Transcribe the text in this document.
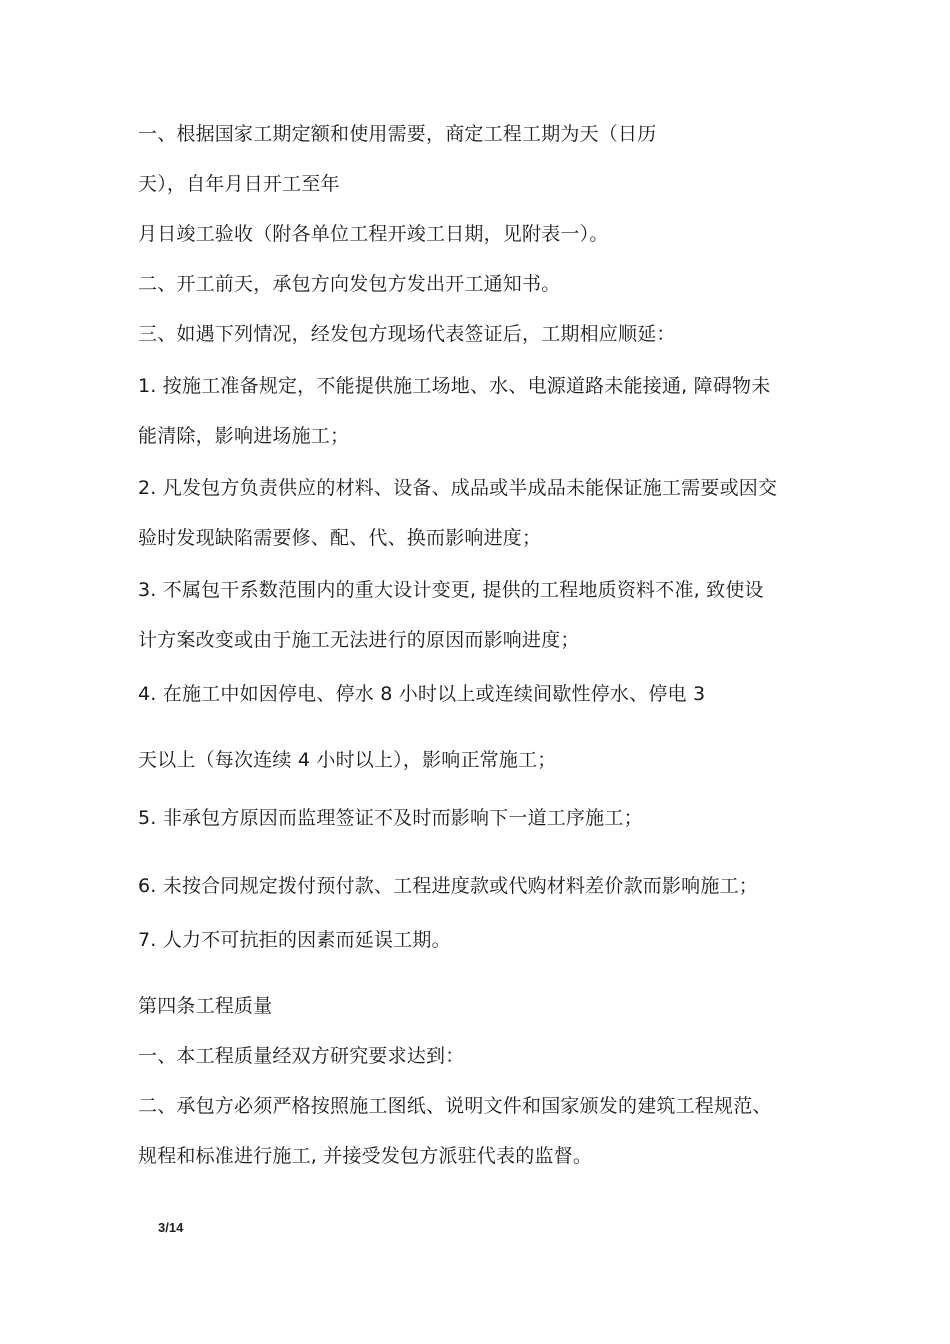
一、根据国家工期定额和使用需要，商定工程工期为天（日历
天），自年月日开工至年
月日竣工验收（附各单位工程开竣工日期，见附表一）。
二、开工前天，承包方向发包方发出开工通知书。
三、如遇下列情况，经发包方现场代表签证后，工期相应顺延：
1. 按施工准备规定，不能提供施工场地、水、电源道路未能接通, 障碍物未
能清除，影响进场施工；
2. 凡发包方负责供应的材料、设备、成品或半成品未能保证施工需要或因交
验时发现缺陷需要修、配、代、换而影响进度；
3. 不属包干系数范围内的重大设计变更, 提供的工程地质资料不准, 致使设
计方案改变或由于施工无法进行的原因而影响进度；
4. 在施工中如因停电、停水 8 小时以上或连续间歇性停水、停电 3
天以上（每次连续 4 小时以上），影响正常施工；
5. 非承包方原因而监理签证不及时而影响下一道工序施工；
6. 未按合同规定拨付预付款、工程进度款或代购材料差价款而影响施工；
7. 人力不可抗拒的因素而延误工期。
第四条工程质量
一、本工程质量经双方研究要求达到：
二、承包方必须严格按照施工图纸、说明文件和国家颁发的建筑工程规范、
规程和标准进行施工, 并接受发包方派驻代表的监督。
3/14
